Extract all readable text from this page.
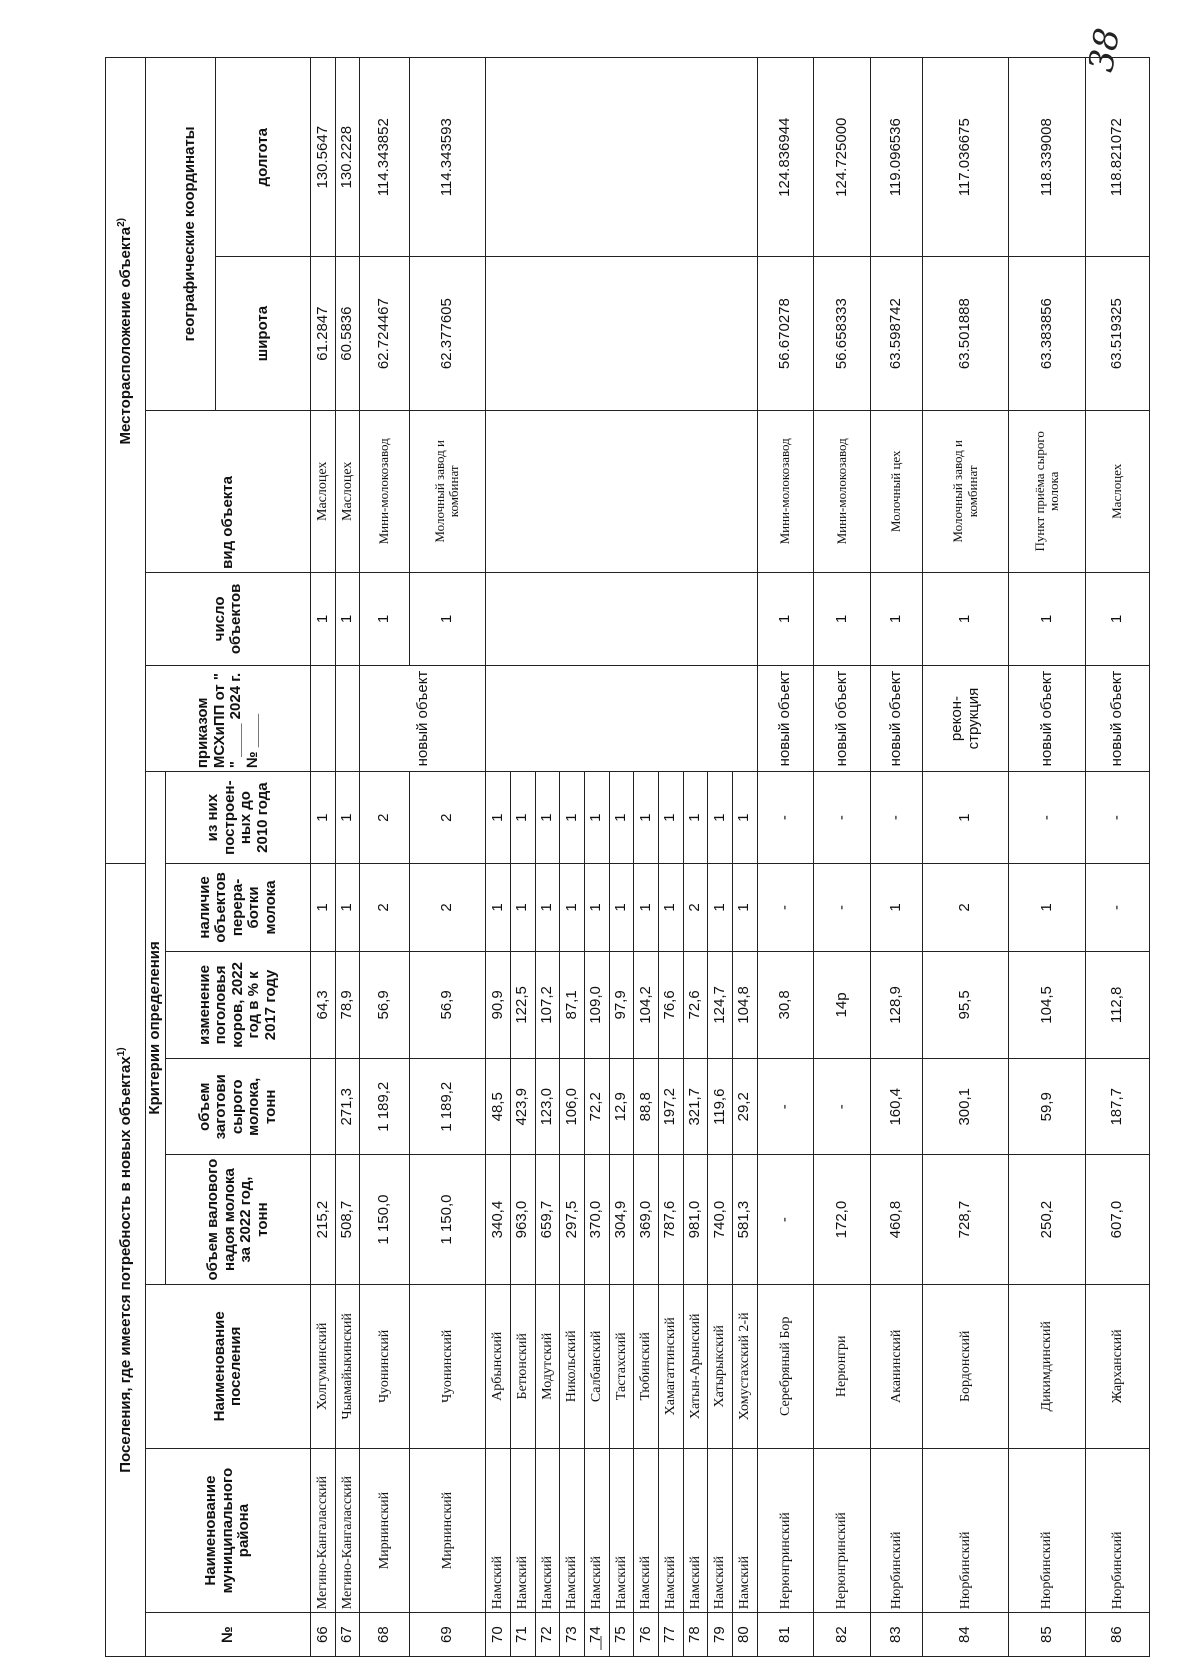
38
Поселения, где имеется потребность в новых объектах$^{1)}$							Месторасположение объекта$^{2)}$
№	Наименование муниципального района	Наименование поселения	Критерии определения					приказом МСХиПП от " " ____ 2024 г. № ____	число объектов	вид объекта		
			объем валового надоя молока за 2022 год, тонн	объем заготови сырого молока, тонн	изменение поголовья коров, 2022 год в % к 2017 году	наличие объектов перера-ботки молока	из них построен-ных до 2010 года				географические координаты	
											широта	долгота
66	Мегино-Кангаласский	Холгуминский	215,2		64,3	1	1		1	Маслоцех	61.2847	130.5647
67	Мегино-Кангаласский	Чыамайыкинский	508,7	271,3	78,9	1	1		1	Маслоцех	60.5836	130.2228
68	Мирнинский	Чуонинский	1 150,0	1 189,2	56,9	2	2	новый объект	1	Мини-молокозавод	62.724467	114.343852
69	Мирнинский	Чуонинский	1 150,0	1 189,2	56,9	2	2		1	Молочный завод и комбинат	62.377605	114.343593
70	Намский	Арбынский	340,4	48,5	90,9	1	1					
71	Намский	Бетюнский	963,0	423,9	122,5	1	1					
72	Намский	Модутский	659,7	123,0	107,2	1	1					
73	Намский	Никольский	297,5	106,0	87,1	1	1					
74	Намский	Салбанский	370,0	72,2	109,0	1	1					
75	Намский	Тастахский	304,9	12,9	97,9	1	1					
76	Намский	Тюбинский	369,0	88,8	104,2	1	1					
77	Намский	Хамагаттинский	787,6	197,2	76,6	1	1					
78	Намский	Хатын-Арынский	981,0	321,7	72,6	2	1					
79	Намский	Хатырыкский	740,0	119,6	124,7	1	1					
80	Намский	Хомустахский 2-й	581,3	29,2	104,8	1	1					
81	Нерюнгринский	Серебряный Бор	-	-	30,8	-	-	новый объект	1	Мини-молокозавод	56.670278	124.836944
82	Нерюнгринский	Нерюнгри	172,0	-	14р	-	-	новый объект	1	Мини-молокозавод	56.658333	124.725000
83	Нюрбинский	Аканинский	460,8	160,4	128,9	1	-	новый объект	1	Молочный цех	63.598742	119.096536
84	Нюрбинский	Бордонский	728,7	300,1	95,5	2	1	рекон-струкция	1	Молочный завод и комбинат	63.501888	117.036675
85	Нюрбинский	Дикимдинский	250,2	59,9	104,5	1	-	новый объект	1	Пункт приёма сырого молока	63.383856	118.339008
86	Нюрбинский	Жарханский	607,0	187,7	112,8	-	-	новый объект	1	Маслоцех	63.519325	118.821072
